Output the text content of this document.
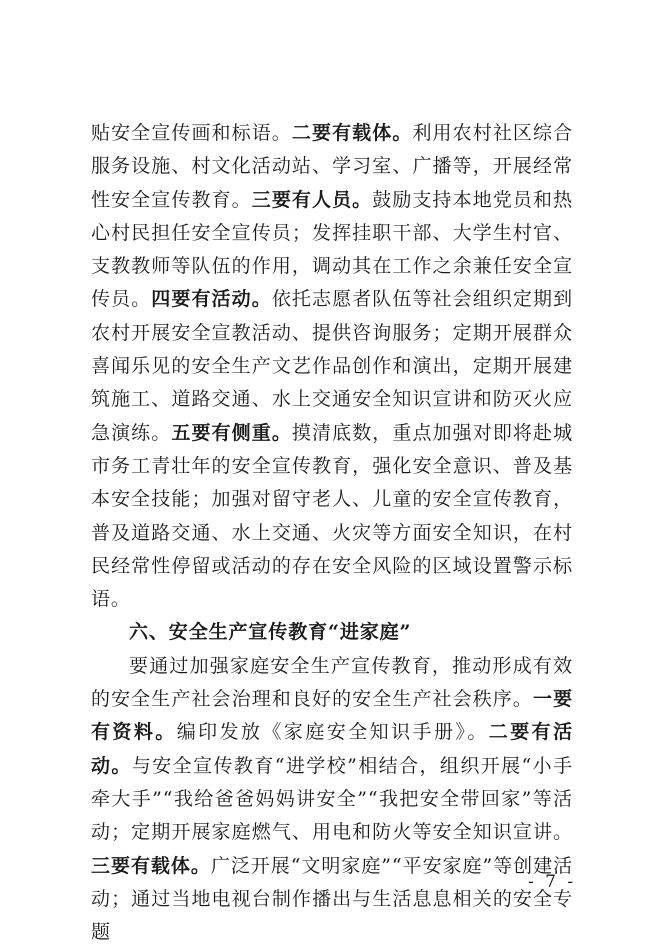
贴安全宣传画和标语。二要有载体。利用农村社区综合服务设施、村文化活动站、学习室、广播等，开展经常性安全宣传教育。三要有人员。鼓励支持本地党员和热心村民担任安全宣传员；发挥挂职干部、大学生村官、支教教师等队伍的作用，调动其在工作之余兼任安全宣传员。四要有活动。依托志愿者队伍等社会组织定期到农村开展安全宣教活动、提供咨询服务；定期开展群众喜闻乐见的安全生产文艺作品创作和演出，定期开展建筑施工、道路交通、水上交通安全知识宣讲和防灭火应急演练。五要有侧重。摸清底数，重点加强对即将赴城市务工青壮年的安全宣传教育，强化安全意识、普及基本安全技能；加强对留守老人、儿童的安全宣传教育，普及道路交通、水上交通、火灾等方面安全知识，在村民经常性停留或活动的存在安全风险的区域设置警示标语。

六、安全生产宣传教育“进家庭”

要通过加强家庭安全生产宣传教育，推动形成有效的安全生产社会治理和良好的安全生产社会秩序。一要有资料。编印发放《家庭安全知识手册》。二要有活动。与安全宣传教育“进学校”相结合，组织开展“小手牵大手”“我给爸爸妈妈讲安全”“我把安全带回家”等活动；定期开展家庭燃气、用电和防火等安全知识宣讲。三要有载体。广泛开展“文明家庭”“平安家庭”等创建活动；通过当地电视台制作播出与生活息息相关的安全专题

- 7 -
